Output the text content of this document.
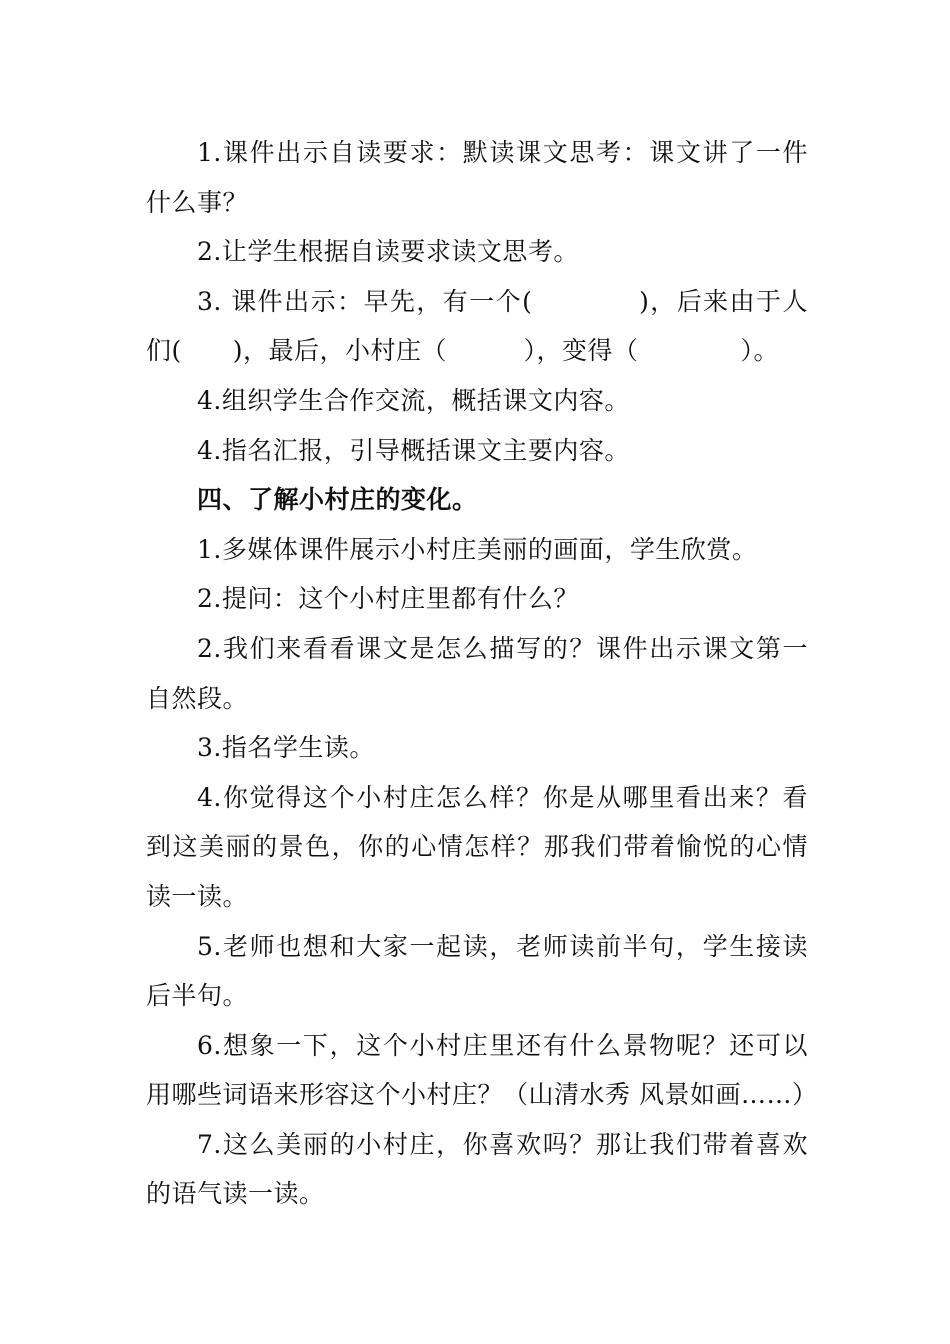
1.课件出示自读要求：默读课文思考：课文讲了一件什么事？

2.让学生根据自读要求读文思考。

3. 课件出示：早先，有一个(　　　　)，后来由于人们(　　)，最后，小村庄（　　　），变得（　　　　）。

4.组织学生合作交流，概括课文内容。

4.指名汇报，引导概括课文主要内容。

四、了解小村庄的变化。

1.多媒体课件展示小村庄美丽的画面，学生欣赏。

2.提问：这个小村庄里都有什么？

2.我们来看看课文是怎么描写的？课件出示课文第一自然段。

3.指名学生读。

4.你觉得这个小村庄怎么样？你是从哪里看出来？看到这美丽的景色，你的心情怎样？那我们带着愉悦的心情读一读。

5.老师也想和大家一起读，老师读前半句，学生接读后半句。

6.想象一下，这个小村庄里还有什么景物呢？还可以用哪些词语来形容这个小村庄？（山清水秀 风景如画……）

7.这么美丽的小村庄，你喜欢吗？那让我们带着喜欢的语气读一读。
